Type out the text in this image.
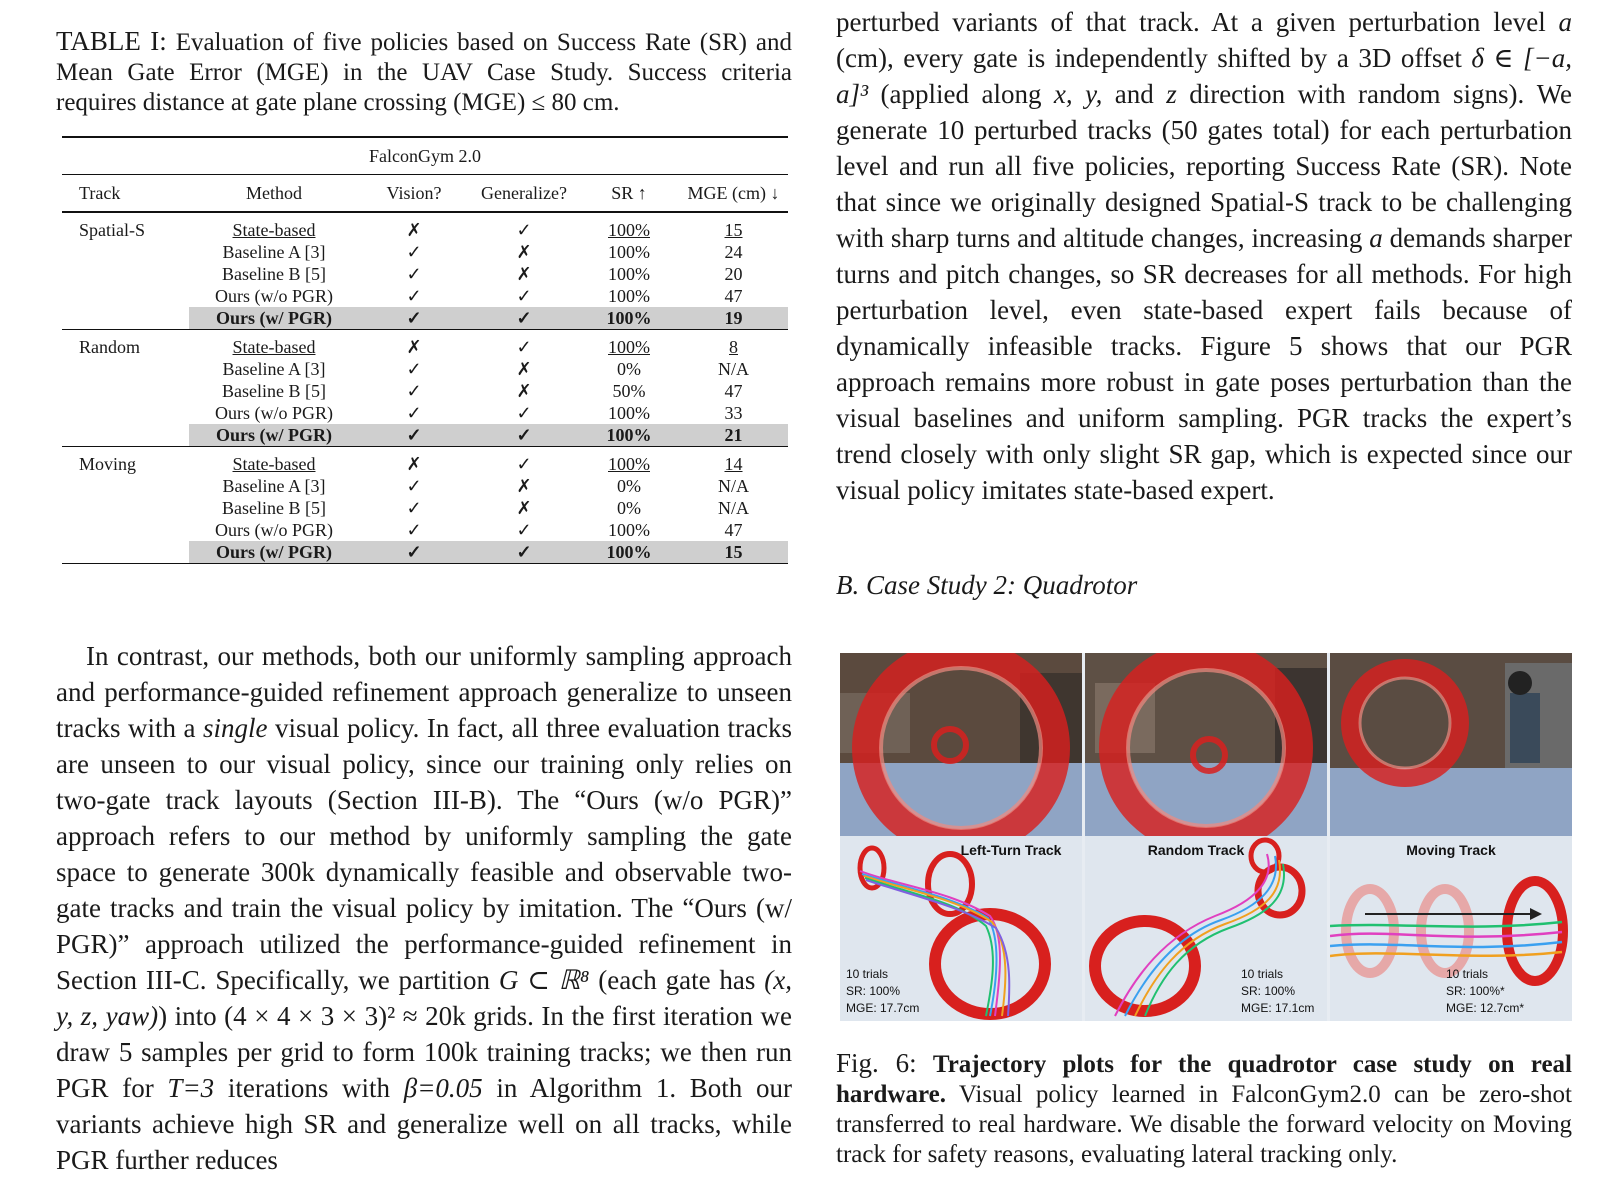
TABLE I: Evaluation of five policies based on Success Rate (SR) and Mean Gate Error (MGE) in the UAV Case Study. Success criteria requires distance at gate plane crossing (MGE) ≤ 80 cm.
FalconGym 2.0					
Track	Method	Vision?	Generalize?	SR ↑	MGE (cm) ↓
Spatial-S	State-based	✗	✓	100%	15
	Baseline A [3]	✓	✗	100%	24
	Baseline B [5]	✓	✗	100%	20
	Ours (w/o PGR)	✓	✓	100%	47
	Ours (w/ PGR)	✓	✓	100%	19
Random	State-based	✗	✓	100%	8
	Baseline A [3]	✓	✗	0%	N/A
	Baseline B [5]	✓	✗	50%	47
	Ours (w/o PGR)	✓	✓	100%	33
	Ours (w/ PGR)	✓	✓	100%	21
Moving	State-based	✗	✓	100%	14
	Baseline A [3]	✓	✗	0%	N/A
	Baseline B [5]	✓	✗	0%	N/A
	Ours (w/o PGR)	✓	✓	100%	47
	Ours (w/ PGR)	✓	✓	100%	15

In contrast, our methods, both our uniformly sampling approach and performance-guided refinement approach generalize to unseen tracks with a single visual policy. In fact, all three evaluation tracks are unseen to our visual policy, since our training only relies on two-gate track layouts (Section III-B). The “Ours (w/o PGR)” approach refers to our method by uniformly sampling the gate space to generate 300k dynamically feasible and observable two-gate tracks and train the visual policy by imitation. The “Ours (w/ PGR)” approach utilized the performance-guided refinement in Section III-C. Specifically, we partition G ⊂ ℝ⁸ (each gate has (x, y, z, yaw)) into (4 × 4 × 3 × 3)² ≈ 20k grids. In the first iteration we draw 5 samples per grid to form 100k training tracks; we then run PGR for T=3 iterations with β=0.05 in Algorithm 1. Both our variants achieve high SR and generalize well on all tracks, while PGR further reduces

perturbed variants of that track. At a given perturbation level a (cm), every gate is independently shifted by a 3D offset δ ∈ [−a, a]³ (applied along x, y, and z direction with random signs). We generate 10 perturbed tracks (50 gates total) for each perturbation level and run all five policies, reporting Success Rate (SR). Note that since we originally designed Spatial-S track to be challenging with sharp turns and altitude changes, increasing a demands sharper turns and pitch changes, so SR decreases for all methods. For high perturbation level, even state-based expert fails because of dynamically infeasible tracks. Figure 5 shows that our PGR approach remains more robust in gate poses perturbation than the visual baselines and uniform sampling. PGR tracks the expert’s trend closely with only slight SR gap, which is expected since our visual policy imitates state-based expert.

B. Case Study 2: Quadrotor
Left-Turn Track
10 trials
SR: 100%
MGE: 17.7cm
Random Track
10 trials
SR: 100%
MGE: 17.1cm
Moving Track
10 trials
SR: 100%*
MGE: 12.7cm*
Fig. 6: Trajectory plots for the quadrotor case study on real hardware. Visual policy learned in FalconGym2.0 can be zero-shot transferred to real hardware. We disable the forward velocity on Moving track for safety reasons, evaluating lateral tracking only.
